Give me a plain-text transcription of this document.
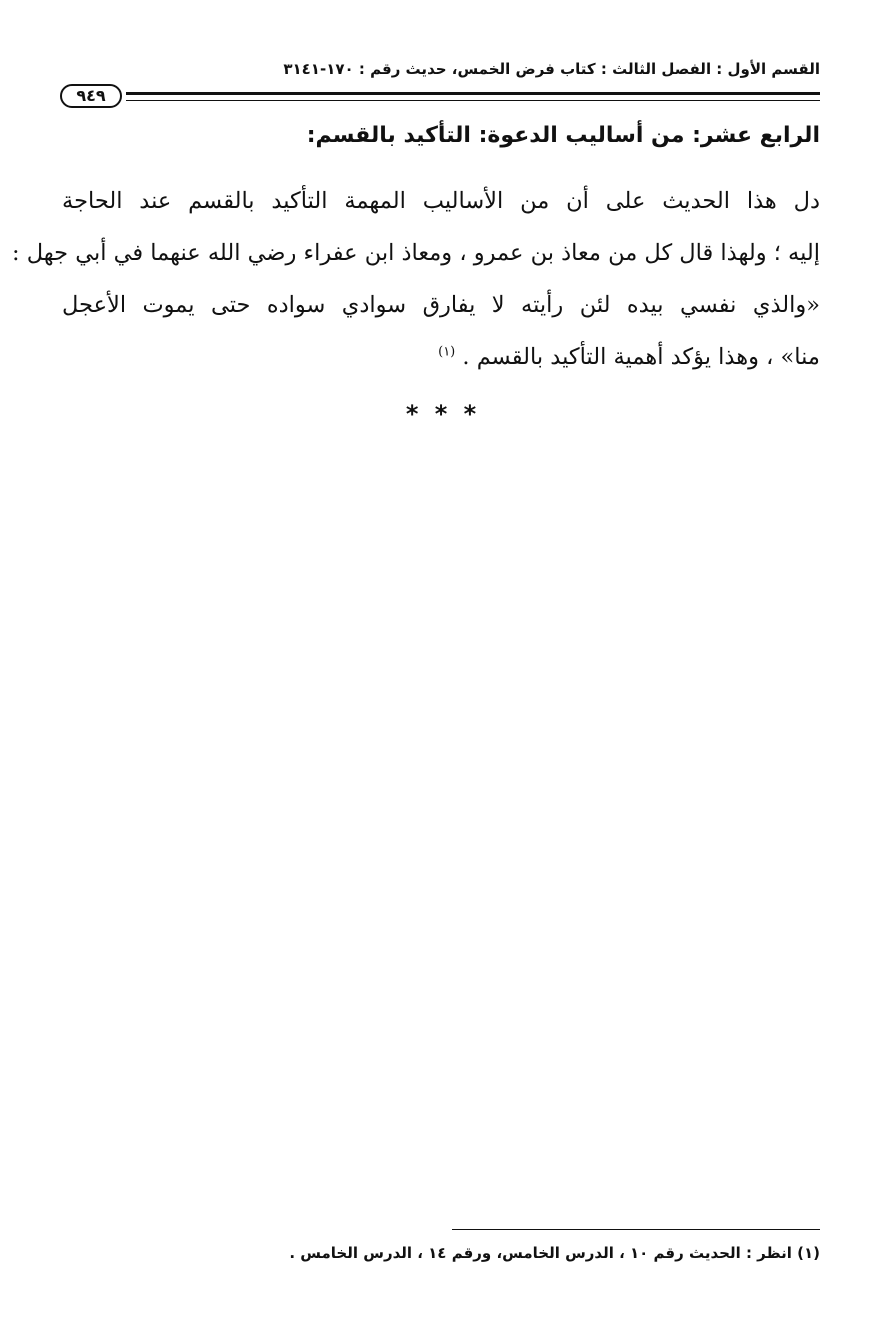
القسم الأول : الفصل الثالث : كتاب فرض الخمس، حديث رقم : ١٧٠-٣١٤١
٩٤٩
الرابع عشر: من أساليب الدعوة: التأكيد بالقسم:
دل هذا الحديث على أن من الأساليب المهمة التأكيد بالقسم عند الحاجة
إليه ؛ ولهذا قال كل من معاذ بن عمرو ، ومعاذ ابن عفراء رضي الله عنهما في أبي جهل :
«والذي نفسي بيده لئن رأيته لا يفارق سوادي سواده حتى يموت الأعجل
منا» ، وهذا يؤكد أهمية التأكيد بالقسم . $^{(١)}$
* * *
(١) انظر : الحديث رقم ١٠ ، الدرس الخامس، ورقم ١٤ ، الدرس الخامس .
